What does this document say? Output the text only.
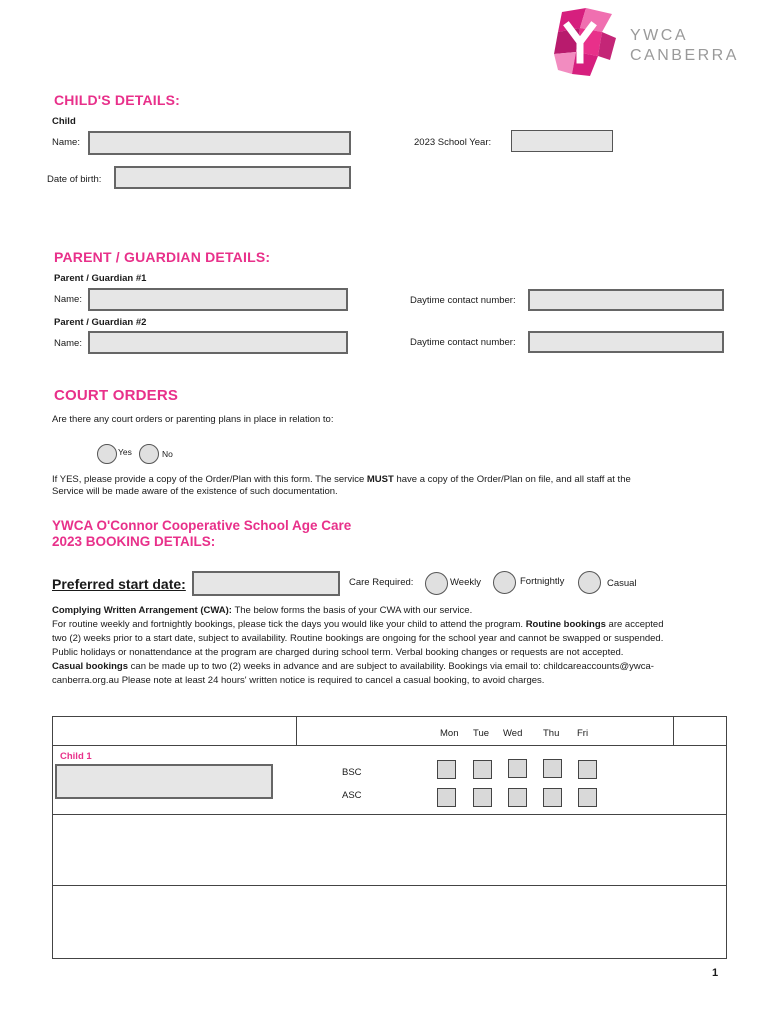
YWCA
CANBERRA
CHILD'S DETAILS:
Child
Name:	2023 School Year:
Date of birth:
PARENT / GUARDIAN DETAILS:
Parent / Guardian #1
Name:	Daytime contact number:
Parent / Guardian #2
Name:	Daytime contact number:
COURT ORDERS
Are there any court orders or parenting plans in place in relation to:
Yes	No
If YES, please provide a copy of the Order/Plan with this form. The service MUST have a copy of the Order/Plan on file, and all staff at the
Service will be made aware of the existence of such documentation.
YWCA O'Connor Cooperative School Age Care
2023 BOOKING DETAILS:
Preferred start date:	Care Required:	Weekly	Fortnightly	Casual
Complying Written Arrangement (CWA): The below forms the basis of your CWA with our service.
For routine weekly and fortnightly bookings, please tick the days you would like your child to attend the program. Routine bookings are accepted
two (2) weeks prior to a start date, subject to availability. Routine bookings are ongoing for the school year and cannot be swapped or suspended.
Public holidays or nonattendance at the program are charged during school term. Verbal booking changes or requests are not accepted.
Casual bookings can be made up to two (2) weeks in advance and are subject to availability. Bookings via email to: childcareaccounts@ywca-
canberra.org.au Please note at least 24 hours' written notice is required to cancel a casual booking, to avoid charges.
Mon Tue Wed Thu Fri
Child 1
BSC
ASC
1
